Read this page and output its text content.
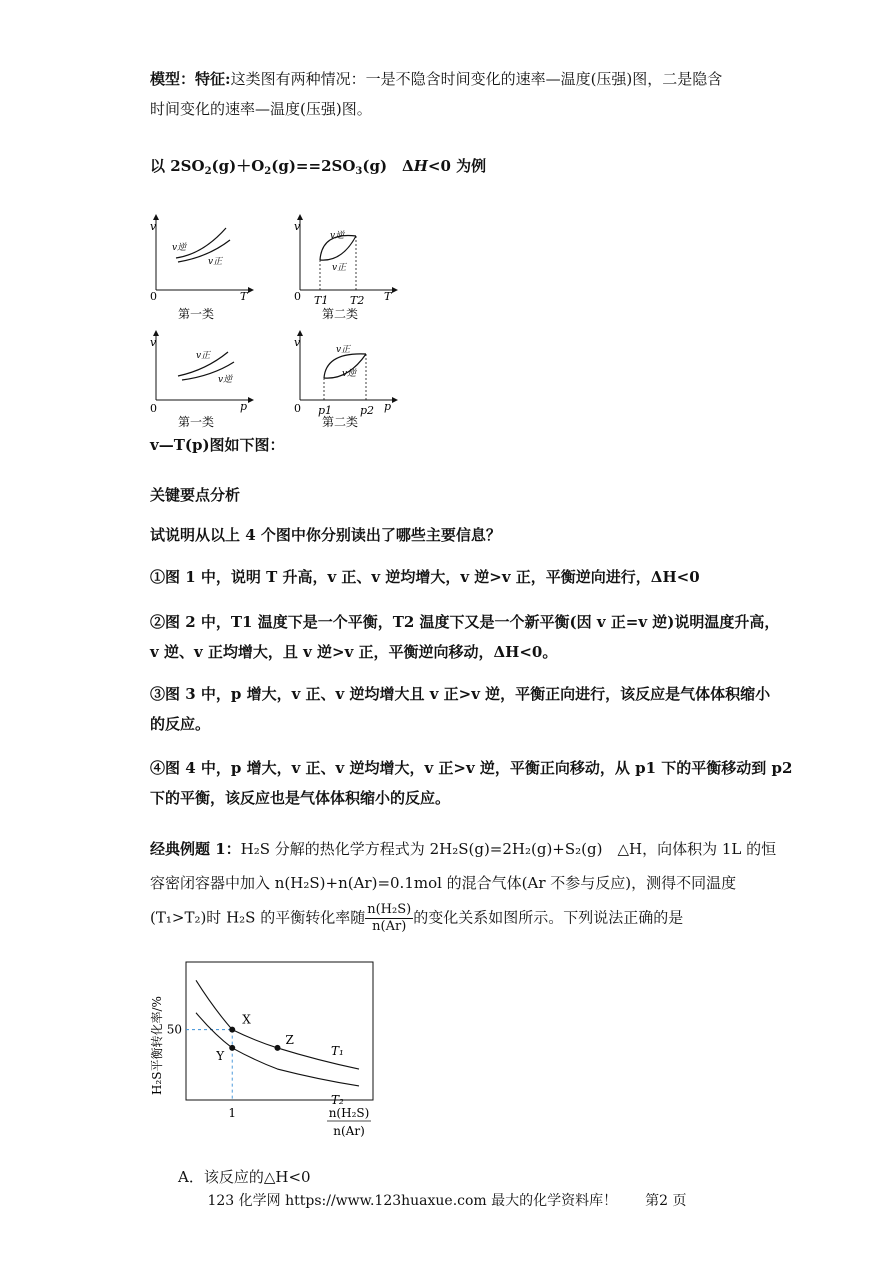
模型：特征:这类图有两种情况：一是不隐含时间变化的速率—温度(压强)图，二是隐含
时间变化的速率—温度(压强)图。
以 $2SO_2(g)+O_2(g)==2SO_3(g)$　ΔH<0 为例
v
v逆
v正
0	T
第一类
v
v逆
v正
0 T1 T2 T
第二类
v
v正
v逆
0	p
第一类
v
v正
v逆
0 p1	p2 p
第二类
v—T(p)图如下图：
关键要点分析
试说明从以上 4 个图中你分别读出了哪些主要信息？
①图 1 中，说明 T 升高，v 正、v 逆均增大，v 逆>v 正，平衡逆向进行，ΔH<0
②图 2 中，T1 温度下是一个平衡，T2 温度下又是一个新平衡(因 v 正=v 逆)说明温度升高，
v 逆、v 正均增大，且 v 逆>v 正，平衡逆向移动，ΔH<0。
③图 3 中，p 增大，v 正、v 逆均增大且 v 正>v 逆，平衡正向进行，该反应是气体体积缩小
的反应。
④图 4 中，p 增大，v 正、v 逆均增大，v 正>v 逆，平衡正向移动，从 p1 下的平衡移动到 p2
下的平衡，该反应也是气体体积缩小的反应。
经典例题 1：H₂S 分解的热化学方程式为 2H₂S(g)=2H₂(g)+S₂(g)　△H，向体积为 1L 的恒
容密闭容器中加入 n(H₂S)+n(Ar)=0.1mol 的混合气体(Ar 不参与反应)，测得不同温度
(T₁>T₂)时 H₂S 的平衡转化率随 $\frac{\text{n(H₂S)}}{n(Ar)}$ 的变化关系如图所示。下列说法正确的是
H₂S平衡转化率/% 50
1
T₁
T₂
X
Y
Z
n(H₂S)
n(Ar)
A．该反应的△H<0
123 化学网 https://www.123huaxue.com 最大的化学资料库！　　第2 页
